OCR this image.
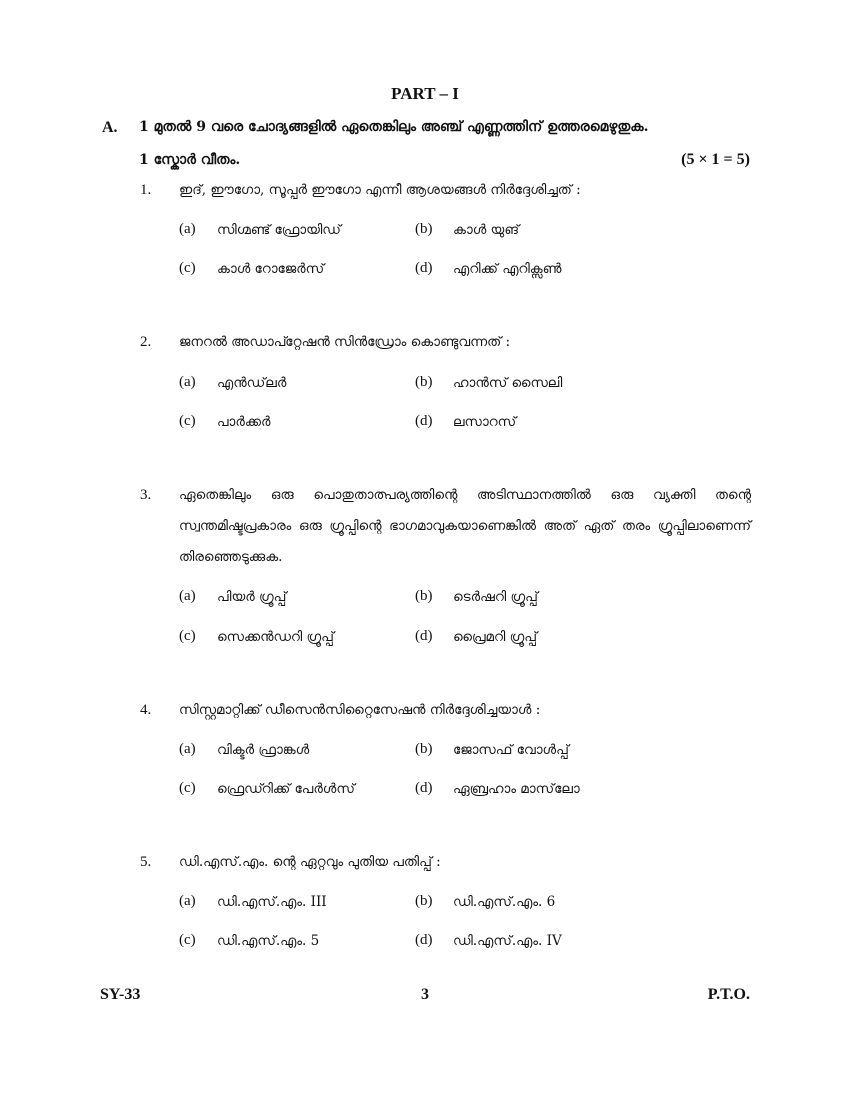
PART – I
A. 1 മുതൽ 9 വരെ ചോദ്യങ്ങളിൽ ഏതെങ്കിലും അഞ്ച് എണ്ണത്തിന് ഉത്തരമെഴുതുക.
1 സ്കോർ വീതം.	(5 × 1 = 5)
1. ഇദ്, ഈഗോ, സൂപ്പർ ഈഗോ എന്നീ ആശയങ്ങൾ നിർദ്ദേശിച്ചത് :
(a) സിഗ്മണ്ട് ഫ്രോയിഡ്	(b) കാൾ യുങ്
(c) കാൾ റോജേർസ്	(d) എറിക്ക് എറിക്സൺ
2. ജനറൽ അഡാപ്റ്റേഷൻ സിൻഡ്രോം കൊണ്ടുവന്നത് :
(a) എൻഡ്‌ലർ	(b) ഹാൻസ് സൈലി
(c) പാർക്കർ	(d) ലസാറസ്
3. ഏതെങ്കിലും ഒരു പൊതുതാത്പര്യത്തിന്റെ അടിസ്ഥാനത്തിൽ ഒരു വ്യക്തി തന്റെ സ്വന്തമിഷ്ടപ്രകാരം ഒരു ഗ്രൂപ്പിന്റെ ഭാഗമാവുകയാണെങ്കിൽ അത് ഏത് തരം ഗ്രൂപ്പിലാണെന്ന് തിരഞ്ഞെടുക്കുക.
(a) പിയർ ഗ്രൂപ്പ്	(b) ടെർഷറി ഗ്രൂപ്പ്
(c) സെക്കൻഡറി ഗ്രൂപ്പ്	(d) പ്രൈമറി ഗ്രൂപ്പ്
4. സിസ്റ്റമാറ്റിക്ക് ഡീസെൻസിറ്റൈസേഷൻ നിർദ്ദേശിച്ചയാൾ :
(a) വിക്ടർ ഫ്രാങ്കൾ	(b) ജോസഫ് വോൾപ്പ്
(c) ഫ്രെഡ്റിക്ക് പേർൾസ്	(d) ഏബ്രഹാം മാസ്‌ലോ
5. ഡി.എസ്.എം. ന്റെ ഏറ്റവും പുതിയ പതിപ്പ് :
(a) ഡി.എസ്.എം. III	(b) ഡി.എസ്.എം. 6
(c) ഡി.എസ്.എം. 5	(d) ഡി.എസ്.എം. IV
SY-33	3	P.T.O.
